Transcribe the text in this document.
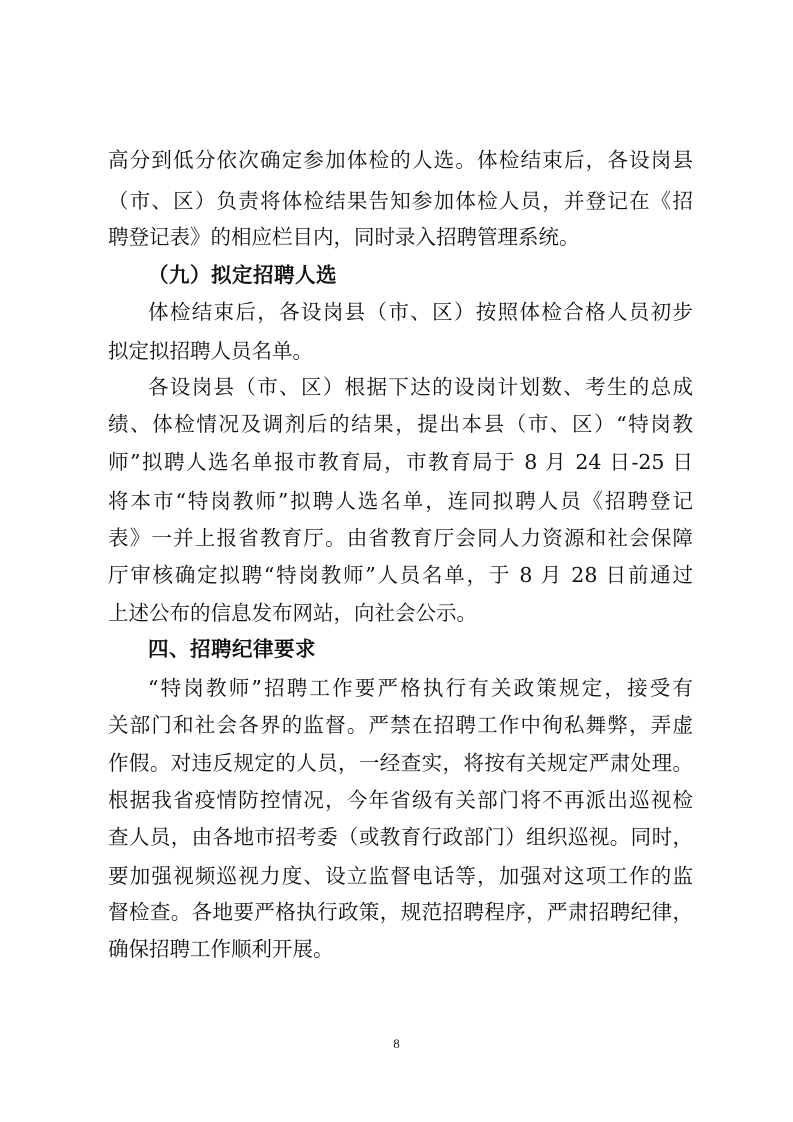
高分到低分依次确定参加体检的人选。体检结束后，各设岗县
（市、区）负责将体检结果告知参加体检人员，并登记在《招
聘登记表》的相应栏目内，同时录入招聘管理系统。
（九）拟定招聘人选
体检结束后，各设岗县（市、区）按照体检合格人员初步
拟定拟招聘人员名单。
各设岗县（市、区）根据下达的设岗计划数、考生的总成
绩、体检情况及调剂后的结果，提出本县（市、区）“特岗教
师”拟聘人选名单报市教育局，市教育局于 8 月 24 日-25 日
将本市“特岗教师”拟聘人选名单，连同拟聘人员《招聘登记
表》一并上报省教育厅。由省教育厅会同人力资源和社会保障
厅审核确定拟聘“特岗教师”人员名单，于 8 月 28 日前通过
上述公布的信息发布网站，向社会公示。
四、招聘纪律要求
“特岗教师”招聘工作要严格执行有关政策规定，接受有
关部门和社会各界的监督。严禁在招聘工作中徇私舞弊，弄虚
作假。对违反规定的人员，一经查实，将按有关规定严肃处理。
根据我省疫情防控情况，今年省级有关部门将不再派出巡视检
查人员，由各地市招考委（或教育行政部门）组织巡视。同时，
要加强视频巡视力度、设立监督电话等，加强对这项工作的监
督检查。各地要严格执行政策，规范招聘程序，严肃招聘纪律，
确保招聘工作顺利开展。
8
